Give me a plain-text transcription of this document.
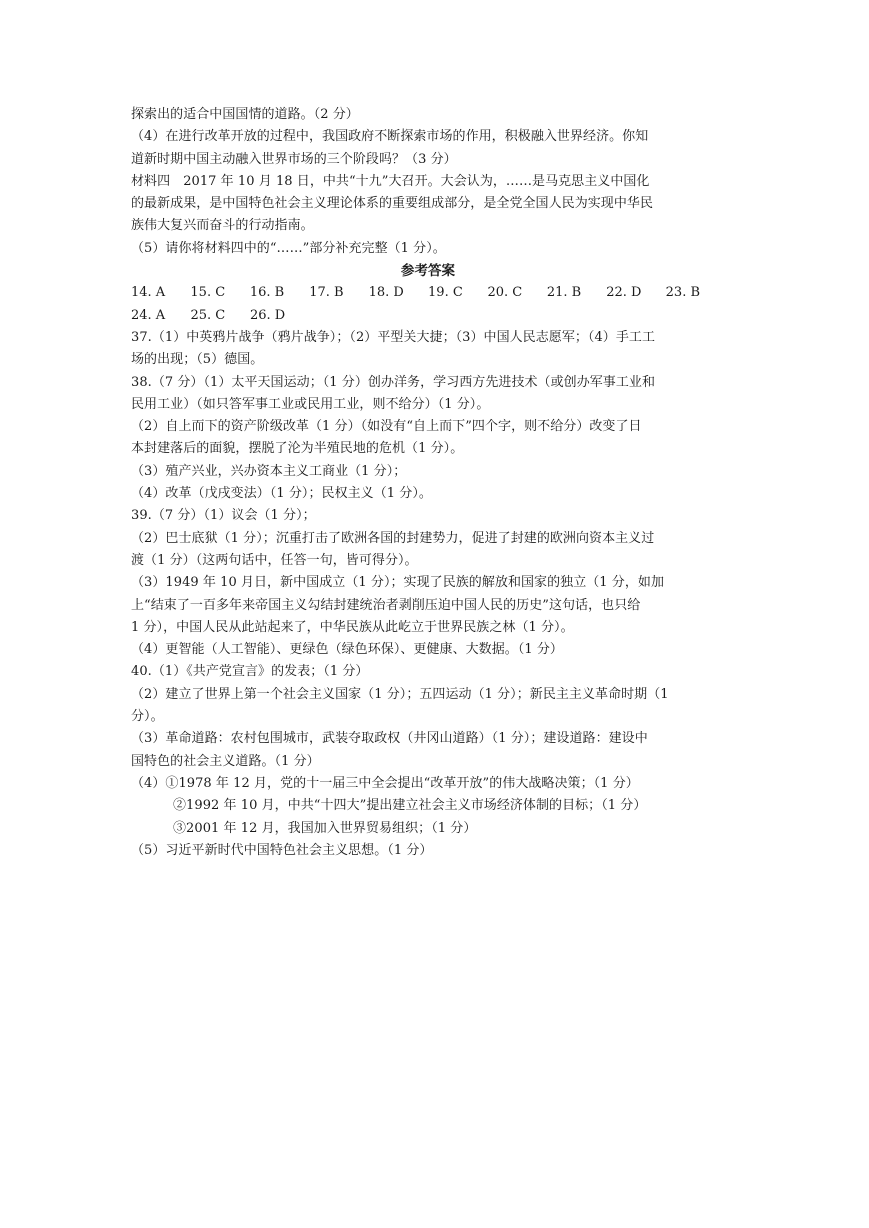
探索出的适合中国国情的道路。（2 分）
（4）在进行改革开放的过程中，我国政府不断探索市场的作用，积极融入世界经济。你知
道新时期中国主动融入世界市场的三个阶段吗？（3 分）
材料四　2017 年 10 月 18 日，中共“十九”大召开。大会认为，……是马克思主义中国化
的最新成果，是中国特色社会主义理论体系的重要组成部分，是全党全国人民为实现中华民
族伟大复兴而奋斗的行动指南。
（5）请你将材料四中的“……”部分补充完整（1 分）。
参考答案
14. A	15. C	16. B	17. B	18. D	19. C	20. C	21. B	22. D	23. B
24. A	25. C	26. D
37.（1）中英鸦片战争（鸦片战争）；（2）平型关大捷；（3）中国人民志愿军；（4）手工工
场的出现；（5）德国。
38.（7 分）（1）太平天国运动；（1 分）创办洋务，学习西方先进技术（或创办军事工业和
民用工业）（如只答军事工业或民用工业，则不给分）（1 分）。
（2）自上而下的资产阶级改革（1 分）（如没有“自上而下”四个字，则不给分）改变了日
本封建落后的面貌，摆脱了沦为半殖民地的危机（1 分）。
（3）殖产兴业，兴办资本主义工商业（1 分）；
（4）改革（戊戌变法）（1 分）；民权主义（1 分）。
39.（7 分）（1）议会（1 分）；
（2）巴士底狱（1 分）；沉重打击了欧洲各国的封建势力，促进了封建的欧洲向资本主义过
渡（1 分）（这两句话中，任答一句，皆可得分）。
（3）1949 年 10 月日，新中国成立（1 分）；实现了民族的解放和国家的独立（1 分，如加
上“结束了一百多年来帝国主义勾结封建统治者剥削压迫中国人民的历史”这句话，也只给
1 分），中国人民从此站起来了，中华民族从此屹立于世界民族之林（1 分）。
（4）更智能（人工智能）、更绿色（绿色环保）、更健康、大数据。（1 分）
40.（1）《共产党宣言》的发表；（1 分）
（2）建立了世界上第一个社会主义国家（1 分）；五四运动（1 分）；新民主主义革命时期（1
分）。
（3）革命道路：农村包围城市，武装夺取政权（井冈山道路）（1 分）；建设道路：建设中
国特色的社会主义道路。（1 分）
（4）①1978 年 12 月，党的十一届三中全会提出“改革开放”的伟大战略决策；（1 分）
②1992 年 10 月，中共“十四大”提出建立社会主义市场经济体制的目标；（1 分）
③2001 年 12 月，我国加入世界贸易组织；（1 分）
（5）习近平新时代中国特色社会主义思想。（1 分）
